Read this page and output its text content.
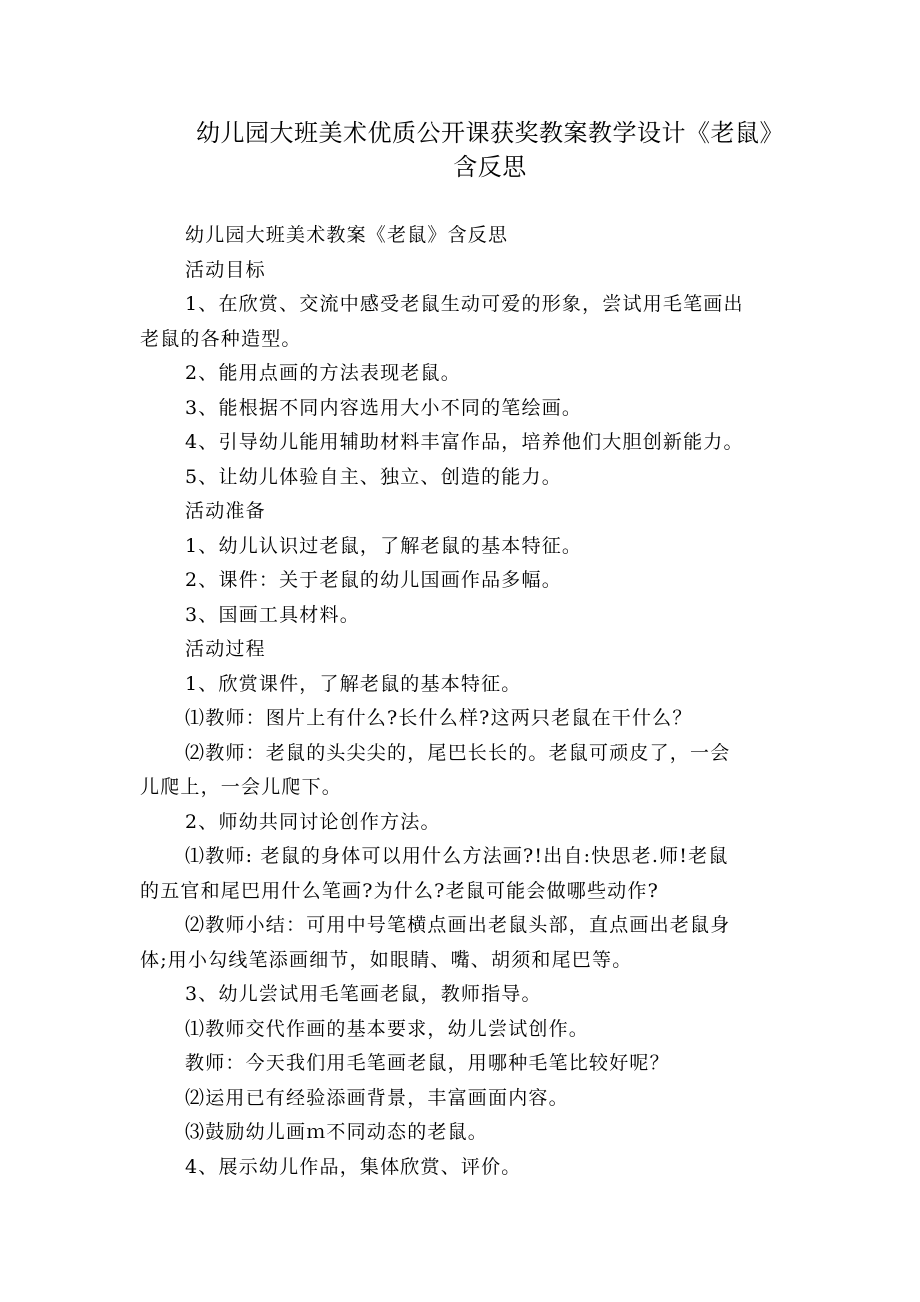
幼儿园大班美术优质公开课获奖教案教学设计《老鼠》
含反思

幼儿园大班美术教案《老鼠》含反思

活动目标

1、在欣赏、交流中感受老鼠生动可爱的形象，尝试用毛笔画出

老鼠的各种造型。

2、能用点画的方法表现老鼠。

3、能根据不同内容选用大小不同的笔绘画。

4、引导幼儿能用辅助材料丰富作品，培养他们大胆创新能力。

5、让幼儿体验自主、独立、创造的能力。

活动准备

1、幼儿认识过老鼠，了解老鼠的基本特征。

2、课件：关于老鼠的幼儿国画作品多幅。

3、国画工具材料。

活动过程

1、欣赏课件，了解老鼠的基本特征。

⑴教师：图片上有什么?长什么样?这两只老鼠在干什么？

⑵教师：老鼠的头尖尖的，尾巴长长的。老鼠可顽皮了，一会

儿爬上，一会儿爬下。

2、师幼共同讨论创作方法。

⑴教师: 老鼠的身体可以用什么方法画?!出自:快思老.师!老鼠

的五官和尾巴用什么笔画?为什么?老鼠可能会做哪些动作?

⑵教师小结：可用中号笔横点画出老鼠头部，直点画出老鼠身

体;用小勾线笔添画细节，如眼睛、嘴、胡须和尾巴等。

3、幼儿尝试用毛笔画老鼠，教师指导。

⑴教师交代作画的基本要求，幼儿尝试创作。

教师：今天我们用毛笔画老鼠，用哪种毛笔比较好呢？

⑵运用已有经验添画背景，丰富画面内容。

⑶鼓励幼儿画ｍ不同动态的老鼠。

4、展示幼儿作品，集体欣赏、评价。
